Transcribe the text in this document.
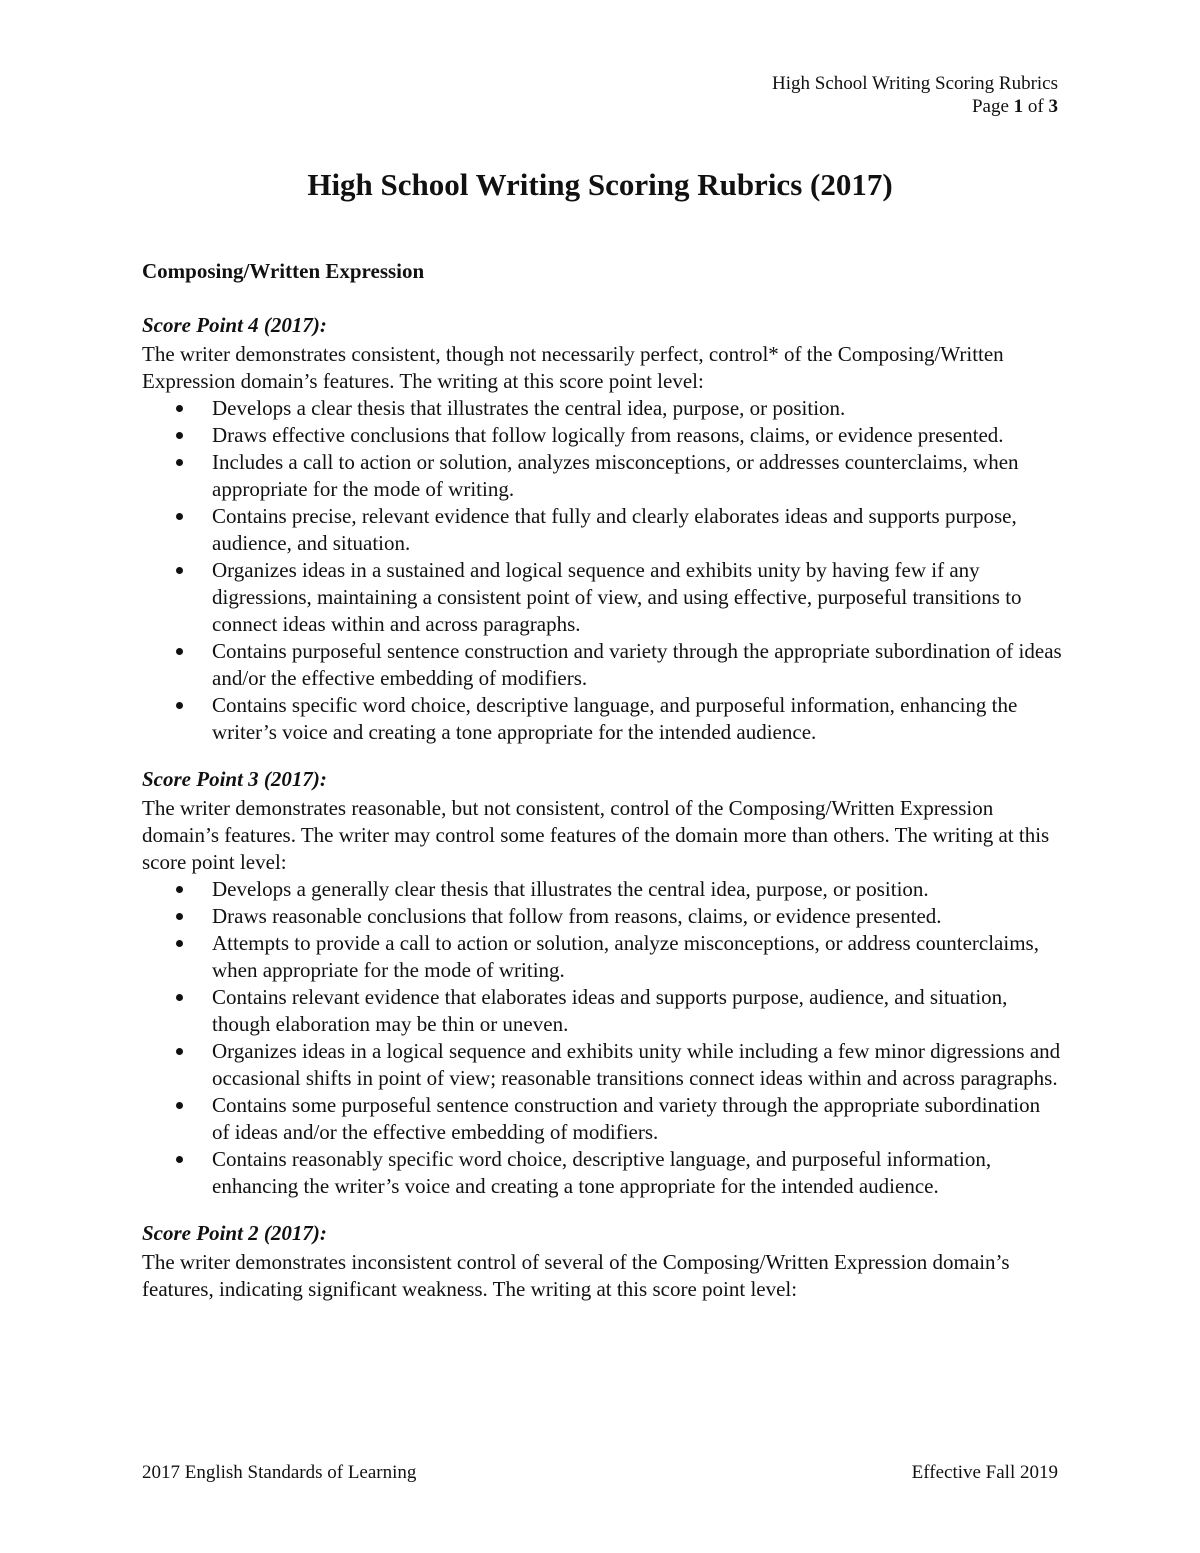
High School Writing Scoring Rubrics
Page 1 of 3
High School Writing Scoring Rubrics (2017)

Composing/Written Expression

Score Point 4 (2017):

The writer demonstrates consistent, though not necessarily perfect, control* of the Composing/Written Expression domain’s features. The writing at this score point level:

Develops a clear thesis that illustrates the central idea, purpose, or position.
Draws effective conclusions that follow logically from reasons, claims, or evidence presented.
Includes a call to action or solution, analyzes misconceptions, or addresses counterclaims, when appropriate for the mode of writing.
Contains precise, relevant evidence that fully and clearly elaborates ideas and supports purpose, audience, and situation.
Organizes ideas in a sustained and logical sequence and exhibits unity by having few if any digressions, maintaining a consistent point of view, and using effective, purposeful transitions to connect ideas within and across paragraphs.
Contains purposeful sentence construction and variety through the appropriate subordination of ideas and/or the effective embedding of modifiers.
Contains specific word choice, descriptive language, and purposeful information, enhancing the writer’s voice and creating a tone appropriate for the intended audience.

Score Point 3 (2017):

The writer demonstrates reasonable, but not consistent, control of the Composing/Written Expression domain’s features. The writer may control some features of the domain more than others. The writing at this score point level:

Develops a generally clear thesis that illustrates the central idea, purpose, or position.
Draws reasonable conclusions that follow from reasons, claims, or evidence presented.
Attempts to provide a call to action or solution, analyze misconceptions, or address counterclaims, when appropriate for the mode of writing.
Contains relevant evidence that elaborates ideas and supports purpose, audience, and situation, though elaboration may be thin or uneven.
Organizes ideas in a logical sequence and exhibits unity while including a few minor digressions and occasional shifts in point of view; reasonable transitions connect ideas within and across paragraphs.
Contains some purposeful sentence construction and variety through the appropriate subordination of ideas and/or the effective embedding of modifiers.
Contains reasonably specific word choice, descriptive language, and purposeful information, enhancing the writer’s voice and creating a tone appropriate for the intended audience.

Score Point 2 (2017):

The writer demonstrates inconsistent control of several of the Composing/Written Expression domain’s features, indicating significant weakness. The writing at this score point level:

2017 English Standards of Learning	Effective Fall 2019
